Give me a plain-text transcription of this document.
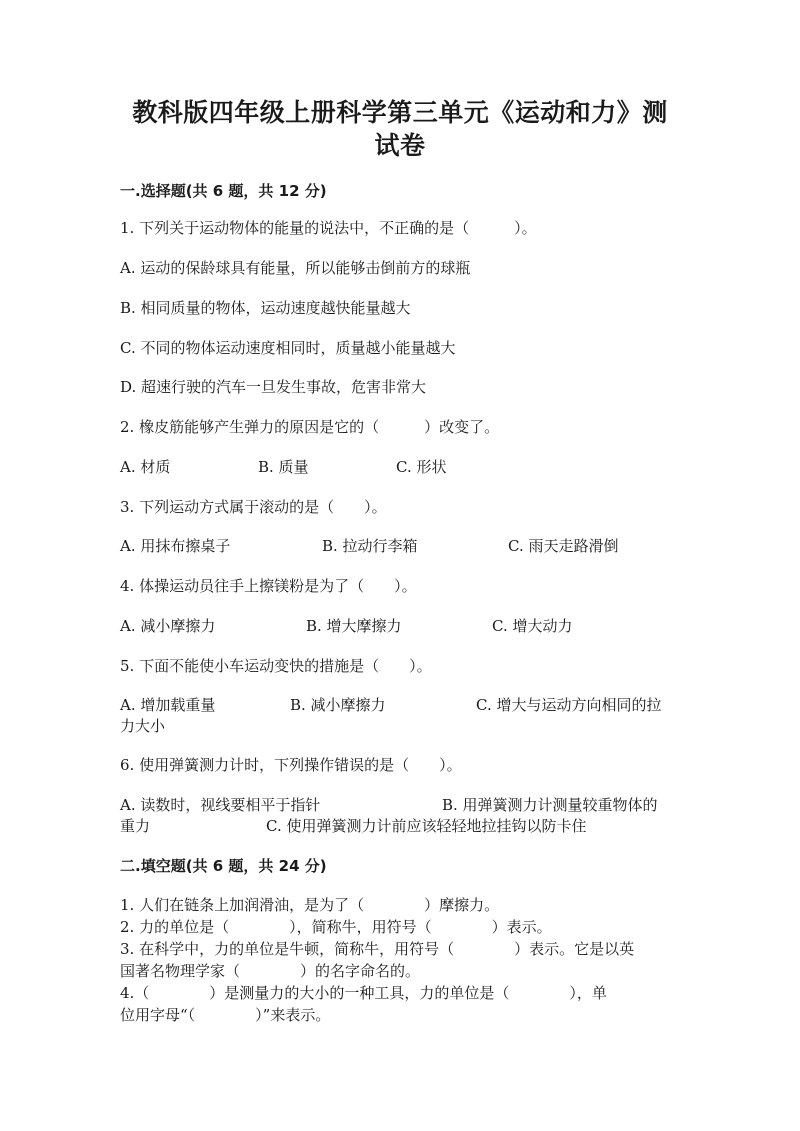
教科版四年级上册科学第三单元《运动和力》测试卷
一.选择题(共 6 题，共 12 分)
1. 下列关于运动物体的能量的说法中，不正确的是（　　　）。
A. 运动的保龄球具有能量，所以能够击倒前方的球瓶
B. 相同质量的物体，运动速度越快能量越大
C. 不同的物体运动速度相同时，质量越小能量越大
D. 超速行驶的汽车一旦发生事故，危害非常大
2. 橡皮筋能够产生弹力的原因是它的（　　　）改变了。
A. 材质	B. 质量	C. 形状
3. 下列运动方式属于滚动的是（　　）。
A. 用抹布擦桌子	B. 拉动行李箱	C. 雨天走路滑倒
4. 体操运动员往手上擦镁粉是为了（　　）。
A. 减小摩擦力	B. 增大摩擦力	C. 增大动力
5. 下面不能使小车运动变快的措施是（　　）。
A. 增加载重量	B. 减小摩擦力	C. 增大与运动方向相同的拉
力大小
6. 使用弹簧测力计时，下列操作错误的是（　　）。
A. 读数时，视线要相平于指针	B. 用弹簧测力计测量较重物体的
重力	C. 使用弹簧测力计前应该轻轻地拉挂钩以防卡住
二.填空题(共 6 题，共 24 分)
1. 人们在链条上加润滑油，是为了（　　　　）摩擦力。
2. 力的单位是（　　　　），简称牛，用符号（　　　　）表示。
3. 在科学中，力的单位是牛顿，简称牛，用符号（　　　　）表示。它是以英
国著名物理学家（　　　　）的名字命名的。
4.（　　　　）是测量力的大小的一种工具，力的单位是（　　　　），单
位用字母“（　　　　）”来表示。
